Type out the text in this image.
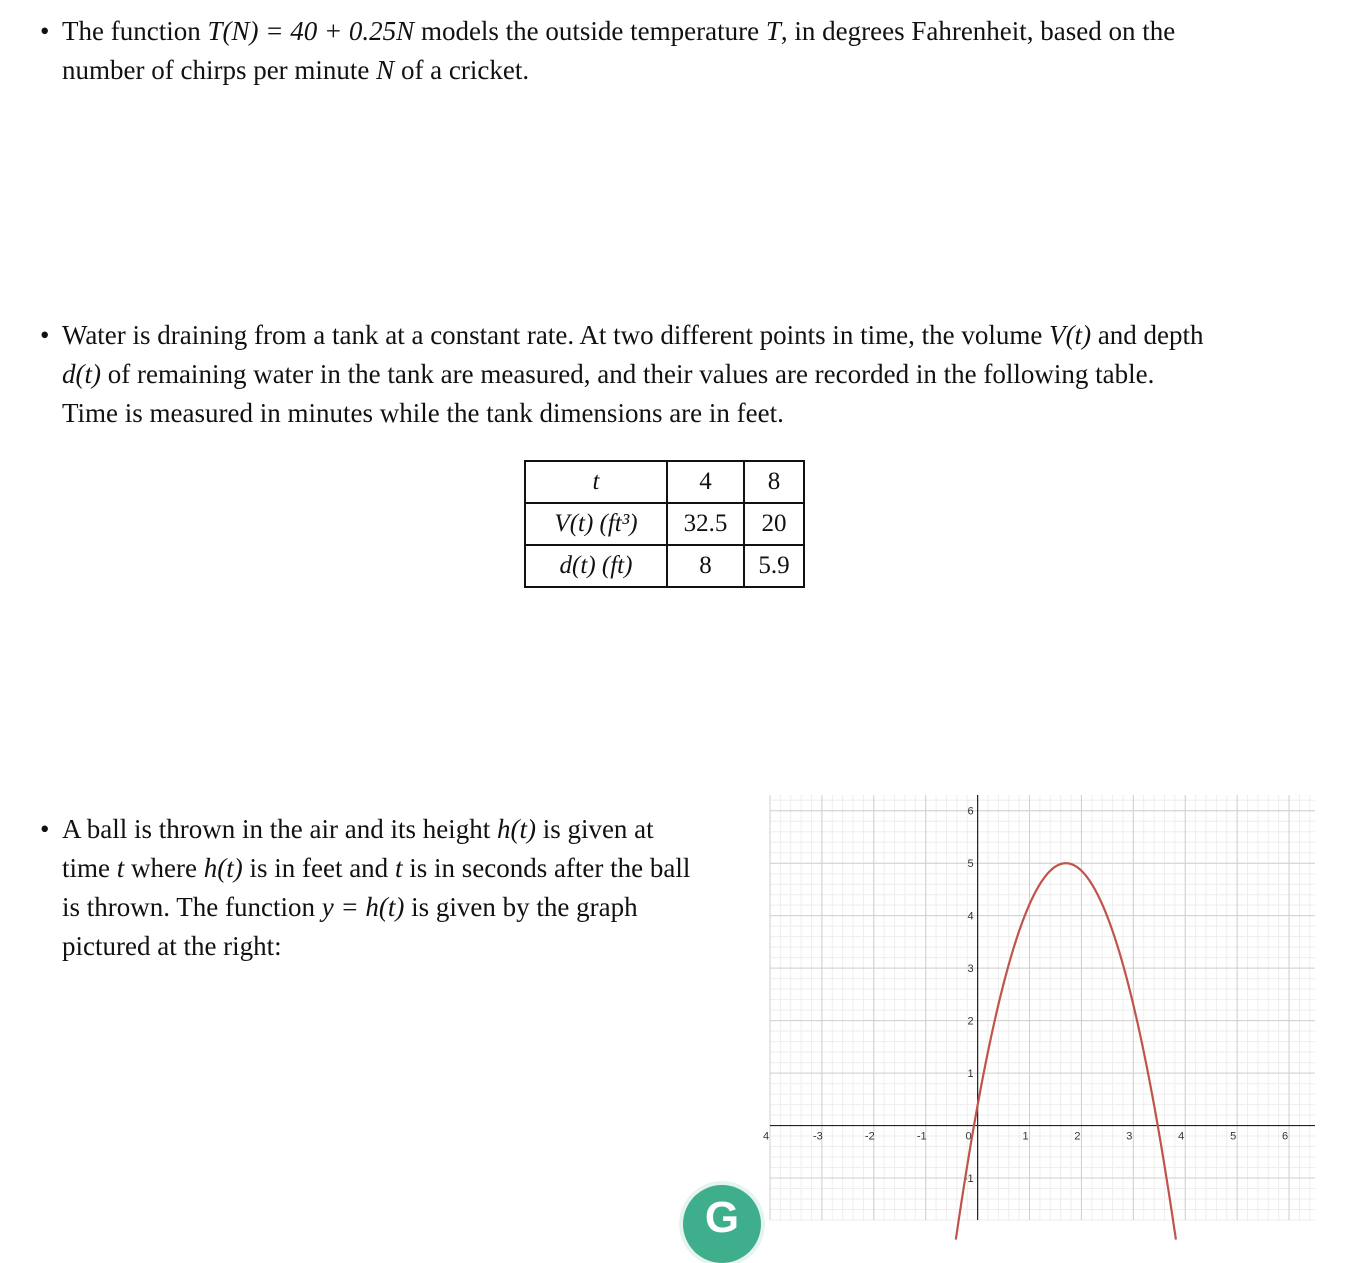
• The function T(N) = 40 + 0.25N models the outside temperature T, in degrees Fahrenheit, based on the
number of chirps per minute N of a cricket.
• Water is draining from a tank at a constant rate. At two different points in time, the volume V(t) and depth
d(t) of remaining water in the tank are measured, and their values are recorded in the following table.
Time is measured in minutes while the tank dimensions are in feet.
t	4	8
V(t) (ft³)	32.5	20
d(t) (ft)	8	5.9
• A ball is thrown in the air and its height h(t) is given at
time t where h(t) is in feet and t is in seconds after the ball
is thrown. The function y = h(t) is given by the graph
pictured at the right:
4	-3	-2	-1	0	1	2	3	4	5	6
-1
1
2
3
4
5
6
G
